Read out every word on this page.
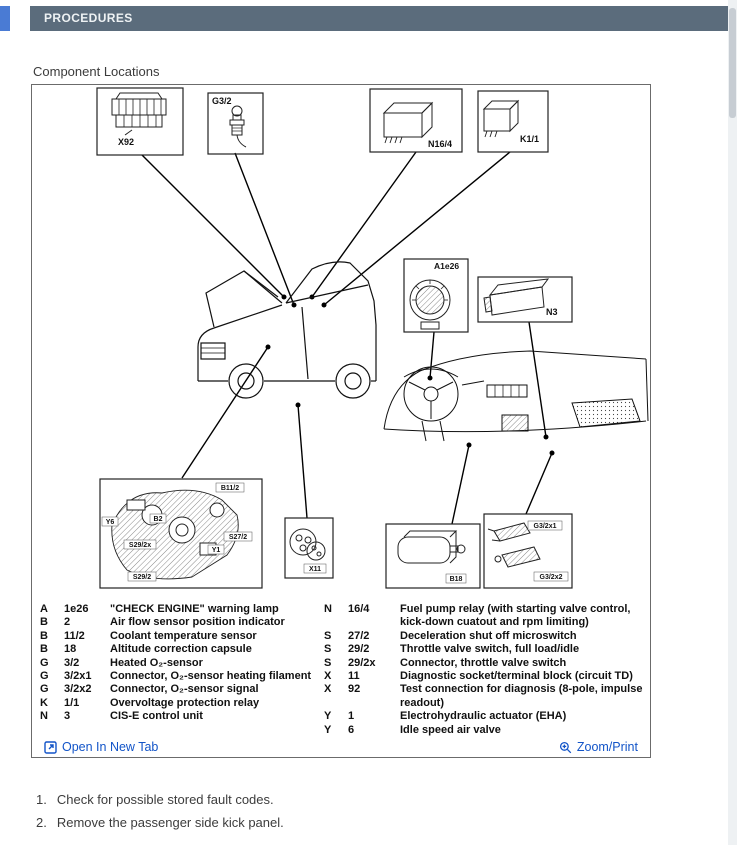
PROCEDURES
Component Locations
X92
G3/2
N16/4	K1/1
A1e26
N3
B11/2
Y6	B2
S29/2x
S27/2
Y1
S29/2
X11
B18
G3/2x1
G3/2x2
A	1e26	"CHECK ENGINE" warning lamp
B	2	Air flow sensor position indicator
B	11/2	Coolant temperature sensor
B	18	Altitude correction capsule
G	3/2	Heated O₂-sensor
G	3/2x1	Connector, O₂-sensor heating filament
G	3/2x2	Connector, O₂-sensor signal
K	1/1	Overvoltage protection relay
N	3	CIS-E control unit
N	16/4	Fuel pump relay (with starting valve control, kick-down cuatout and rpm limiting)
S	27/2	Deceleration shut off microswitch
S	29/2	Throttle valve switch, full load/idle
S	29/2x	Connector, throttle valve switch
X	11	Diagnostic socket/terminal block (circuit TD)
X	92	Test connection for diagnosis (8-pole, impulse readout)
Y	1	Electrohydraulic actuator (EHA)
Y	6	Idle speed air valve
Open In New Tab	Zoom/Print
1. Check for possible stored fault codes.
2. Remove the passenger side kick panel.
